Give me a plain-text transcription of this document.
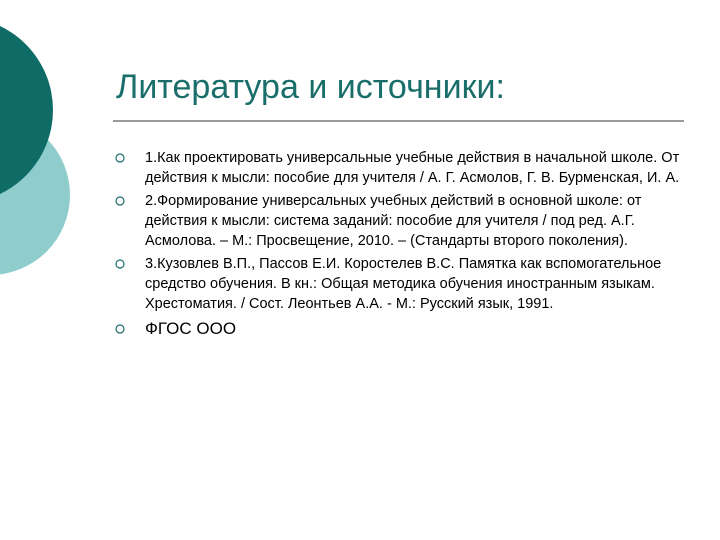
Литература и источники:
1.Как проектировать универсальные учебные действия в начальной школе. От действия к мысли: пособие для учителя / А. Г. Асмолов, Г. В. Бурменская, И. А.
2.Формирование универсальных учебных действий в основной школе: от действия к мысли: система заданий: пособие для учителя / под ред. А.Г. Асмолова. – М.: Просвещение, 2010. – (Стандарты второго поколения).
3.Кузовлев В.П., Пассов Е.И. Коростелев В.С. Памятка как вспомогательное средство обучения. В кн.: Общая методика обучения иностранным языкам. Хрестоматия. / Сост. Леонтьев А.А. - М.: Русский язык, 1991.
ФГОС ООО
